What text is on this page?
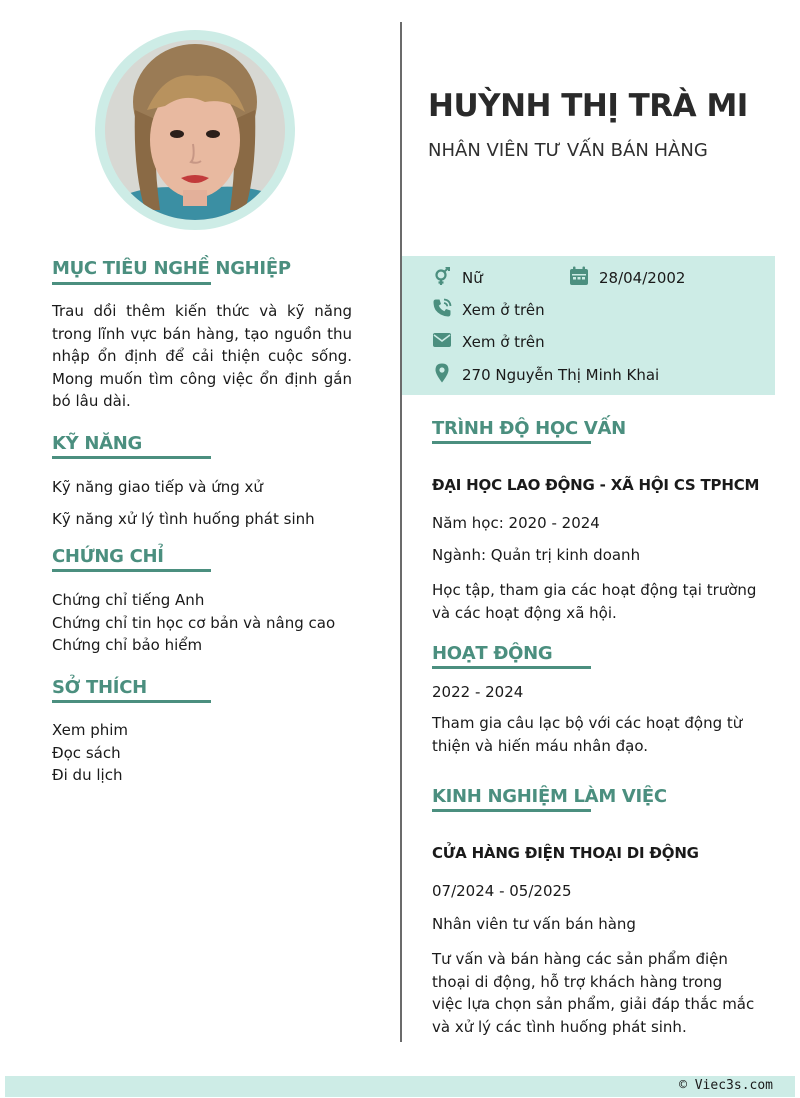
MỤC TIÊU NGHỀ NGHIỆP
Trau dồi thêm kiến thức và kỹ năng trong lĩnh vực bán hàng, tạo nguồn thu nhập ổn định để cải thiện cuộc sống. Mong muốn tìm công việc ổn định gắn bó lâu dài.
KỸ NĂNG
Kỹ năng giao tiếp và ứng xử
Kỹ năng xử lý tình huống phát sinh
CHỨNG CHỈ
Chứng chỉ tiếng Anh
Chứng chỉ tin học cơ bản và nâng cao
Chứng chỉ bảo hiểm
SỞ THÍCH
Xem phim
Đọc sách
Đi du lịch
HUỲNH THỊ TRÀ MI
NHÂN VIÊN TƯ VẤN BÁN HÀNG
Nữ	28/04/2002
Xem ở trên
Xem ở trên
270 Nguyễn Thị Minh Khai
TRÌNH ĐỘ HỌC VẤN
ĐẠI HỌC LAO ĐỘNG - XÃ HỘI CS TPHCM
Năm học: 2020 - 2024
Ngành: Quản trị kinh doanh
Học tập, tham gia các hoạt động tại trường và các hoạt động xã hội.
HOẠT ĐỘNG
2022 - 2024
Tham gia câu lạc bộ với các hoạt động từ thiện và hiến máu nhân đạo.
KINH NGHIỆM LÀM VIỆC
CỬA HÀNG ĐIỆN THOẠI DI ĐỘNG
07/2024 - 05/2025
Nhân viên tư vấn bán hàng
Tư vấn và bán hàng các sản phẩm điện thoại di động, hỗ trợ khách hàng trong việc lựa chọn sản phẩm, giải đáp thắc mắc và xử lý các tình huống phát sinh.
© Viec3s.com
